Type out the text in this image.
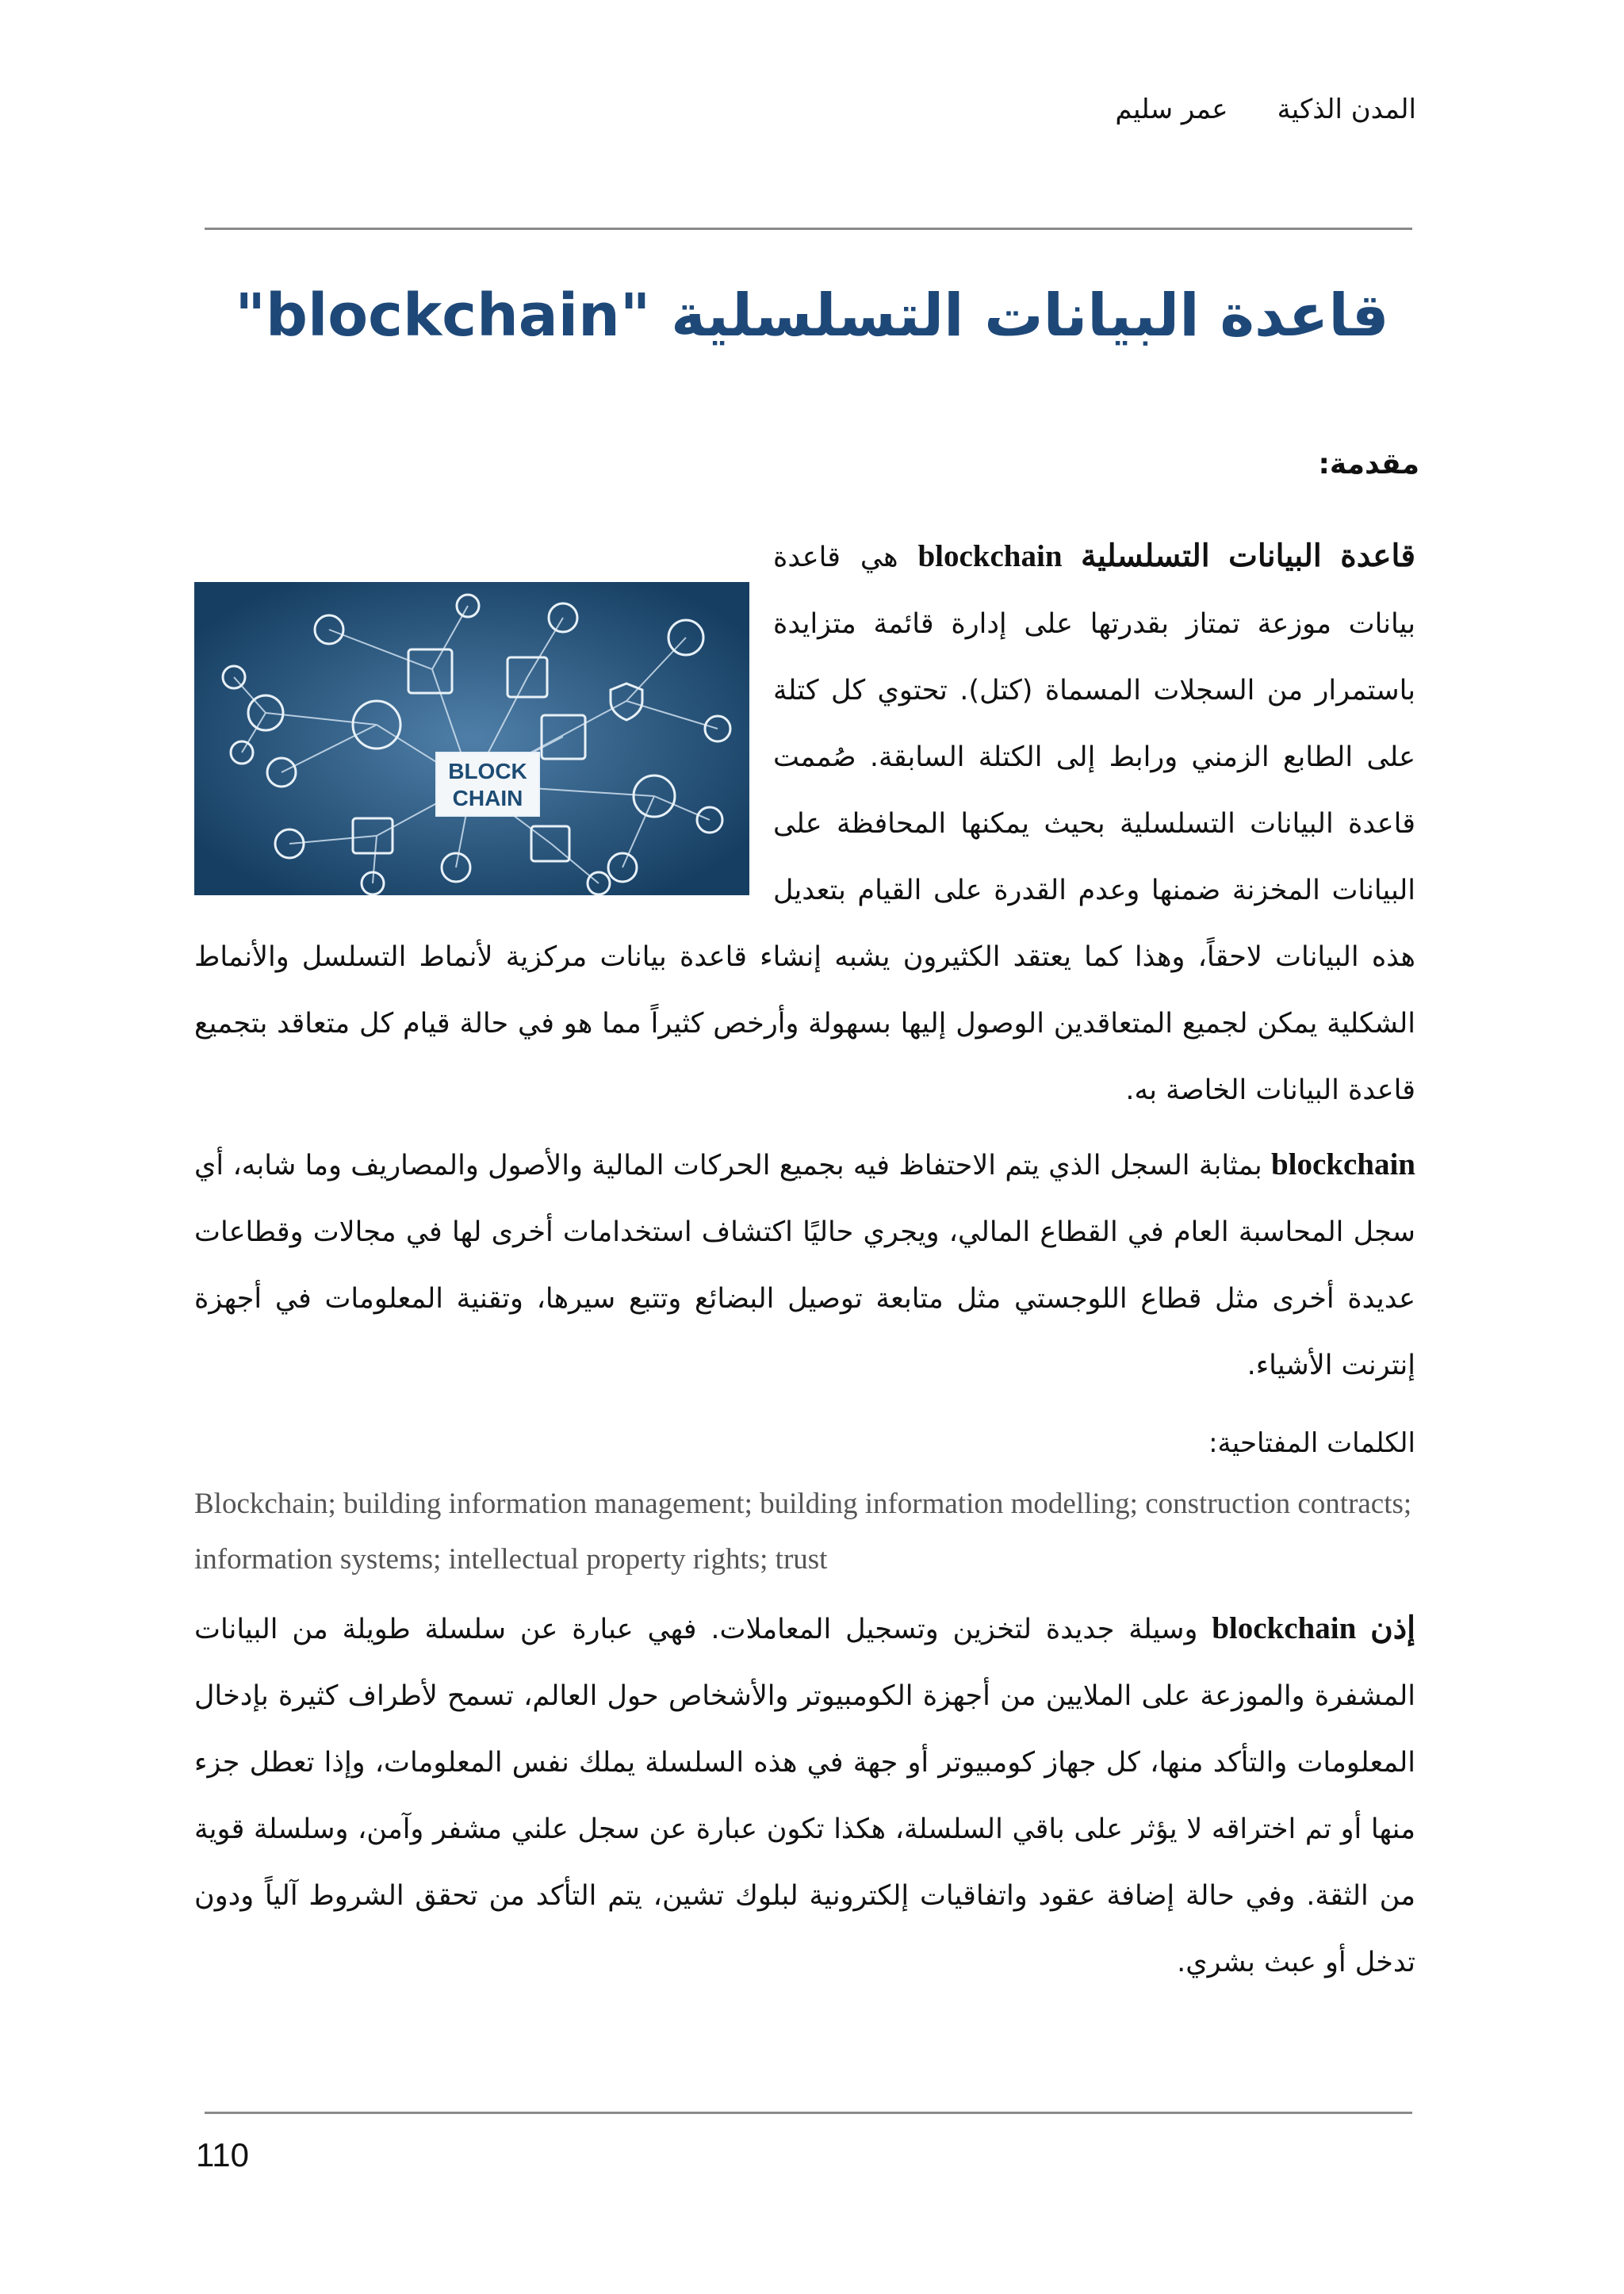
المدن الذكيةعمر سليم
قاعدة البيانات التسلسلية "blockchain"
مقدمة:
BLOCK
CHAIN

قاعدة البيانات التسلسلية blockchain هي قاعدة بيانات موزعة تمتاز بقدرتها على إدارة قائمة متزايدة باستمرار من السجلات المسماة (كتل). تحتوي كل كتلة على الطابع الزمني ورابط إلى الكتلة السابقة. صُممت قاعدة البيانات التسلسلية بحيث يمكنها المحافظة على البيانات المخزنة ضمنها وعدم القدرة على القيام بتعديل هذه البيانات لاحقاً، وهذا كما يعتقد الكثيرون يشبه إنشاء قاعدة بيانات مركزية لأنماط التسلسل والأنماط الشكلية يمكن لجميع المتعاقدين الوصول إليها بسهولة وأرخص كثيراً مما هو في حالة قيام كل متعاقد بتجميع قاعدة البيانات الخاصة به.

blockchain بمثابة السجل الذي يتم الاحتفاظ فيه بجميع الحركات المالية والأصول والمصاريف وما شابه، أي سجل المحاسبة العام في القطاع المالي، ويجري حاليًا اكتشاف استخدامات أخرى لها في مجالات وقطاعات عديدة أخرى مثل قطاع اللوجستي مثل متابعة توصيل البضائع وتتبع سيرها، وتقنية المعلومات في أجهزة إنترنت الأشياء.

الكلمات المفتاحية:

Blockchain; building information management; building information modelling; construction contracts; information systems; intellectual property rights; trust

إذن blockchain وسيلة جديدة لتخزين وتسجيل المعاملات. فهي عبارة عن سلسلة طويلة من البيانات المشفرة والموزعة على الملايين من أجهزة الكومبيوتر والأشخاص حول العالم، تسمح لأطراف كثيرة بإدخال المعلومات والتأكد منها، كل جهاز كومبيوتر أو جهة في هذه السلسلة يملك نفس المعلومات، وإذا تعطل جزء منها أو تم اختراقه لا يؤثر على باقي السلسلة، هكذا تكون عبارة عن سجل علني مشفر وآمن، وسلسلة قوية من الثقة. وفي حالة إضافة عقود واتفاقيات إلكترونية لبلوك تشين، يتم التأكد من تحقق الشروط آلياً ودون تدخل أو عبث بشري.

110
